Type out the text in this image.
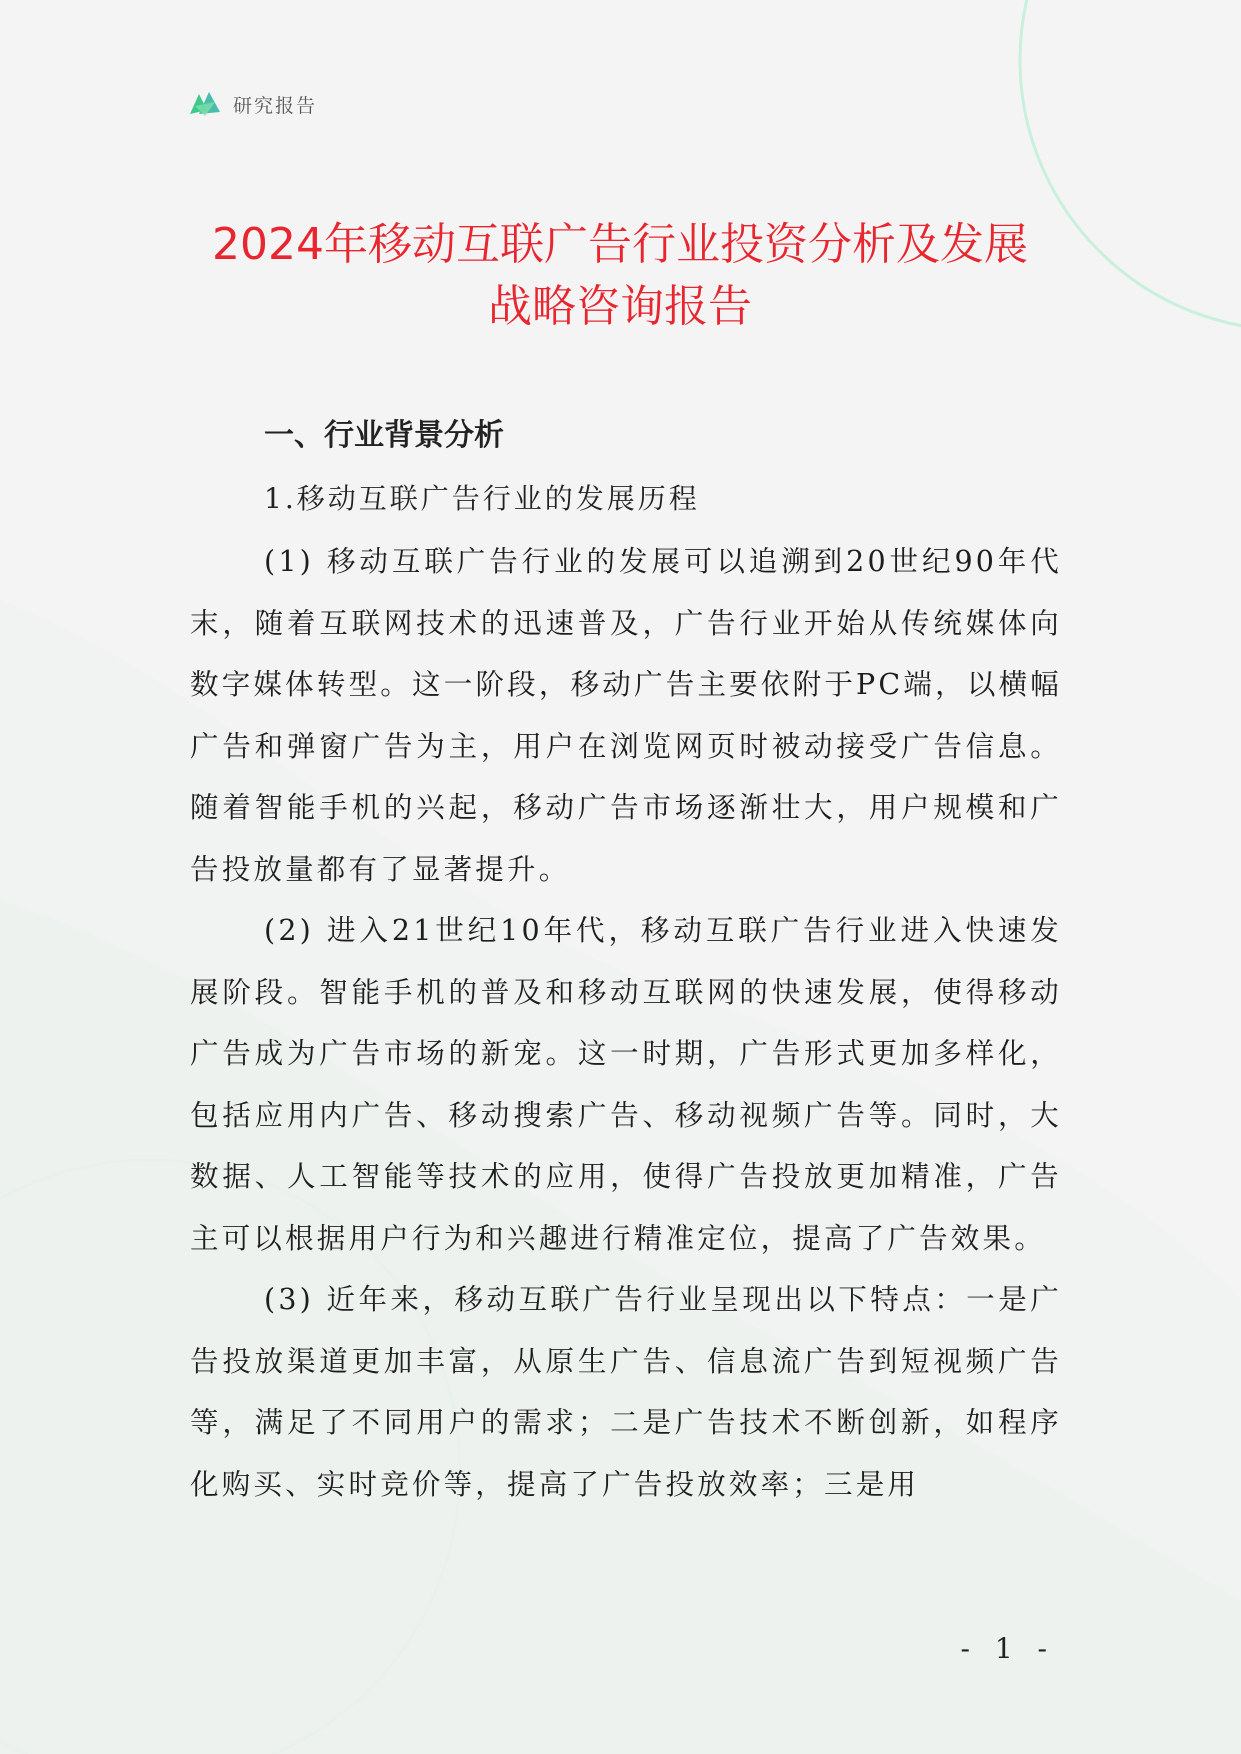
研究报告
2024年移动互联广告行业投资分析及发展
战略咨询报告
一、行业背景分析
1.移动互联广告行业的发展历程

(1) 移动互联广告行业的发展可以追溯到20世纪90年代末，随着互联网技术的迅速普及，广告行业开始从传统媒体向数字媒体转型。这一阶段，移动广告主要依附于PC端，以横幅广告和弹窗广告为主，用户在浏览网页时被动接受广告信息。随着智能手机的兴起，移动广告市场逐渐壮大，用户规模和广告投放量都有了显著提升。

(2) 进入21世纪10年代，移动互联广告行业进入快速发展阶段。智能手机的普及和移动互联网的快速发展，使得移动广告成为广告市场的新宠。这一时期，广告形式更加多样化，包括应用内广告、移动搜索广告、移动视频广告等。同时，大数据、人工智能等技术的应用，使得广告投放更加精准，广告主可以根据用户行为和兴趣进行精准定位，提高了广告效果。

(3) 近年来，移动互联广告行业呈现出以下特点：一是广告投放渠道更加丰富，从原生广告、信息流广告到短视频广告等，满足了不同用户的需求；二是广告技术不断创新，如程序化购买、实时竞价等，提高了广告投放效率；三是用

- 1 -
